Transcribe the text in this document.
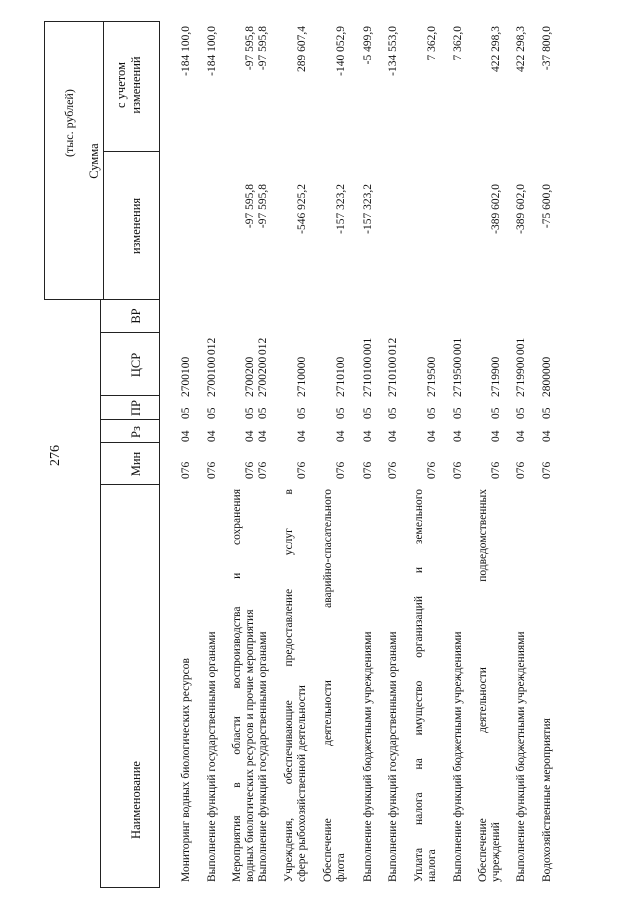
276
(тыс. рублей)
Наименование
Мин
Рз
ПР
ЦСР
ВР
Сумма
изменения
с учетом изменений
Мониторинг водных биологических ресурсов
076
04
05
2700100
-184 100,0
Выполнение функций государственными органами
076
04
05
2700100
012
-184 100,0
Мероприятия в области воспроизводства и сохранения водных биологических ресурсов и прочие мероприятия
076
04
05
2700200
-97 595,8
-97 595,8
Выполнение функций государственными органами
076
04
05
2700200
012
-97 595,8
-97 595,8
Учреждения, обеспечивающие предоставление услуг в сфере рыбохозяйственной деятельности
076
04
05
2710000
-546 925,2
289 607,4
Обеспечение деятельности аварийно-спасательного флота
076
04
05
2710100
-157 323,2
-140 052,9
Выполнение функций бюджетными учреждениями
076
04
05
2710100
001
-157 323,2
-5 499,9
Выполнение функций государственными органами
076
04
05
2710100
012
-134 553,0
Уплата налога на имущество организаций и земельного налога
076
04
05
2719500
7 362,0
Выполнение функций бюджетными учреждениями
076
04
05
2719500
001
7 362,0
Обеспечение деятельности подведомственных учреждений
076
04
05
2719900
-389 602,0
422 298,3
Выполнение функций бюджетными учреждениями
076
04
05
2719900
001
-389 602,0
422 298,3
Водохозяйственные мероприятия
076
04
05
2800000
-75 600,0
-37 800,0
